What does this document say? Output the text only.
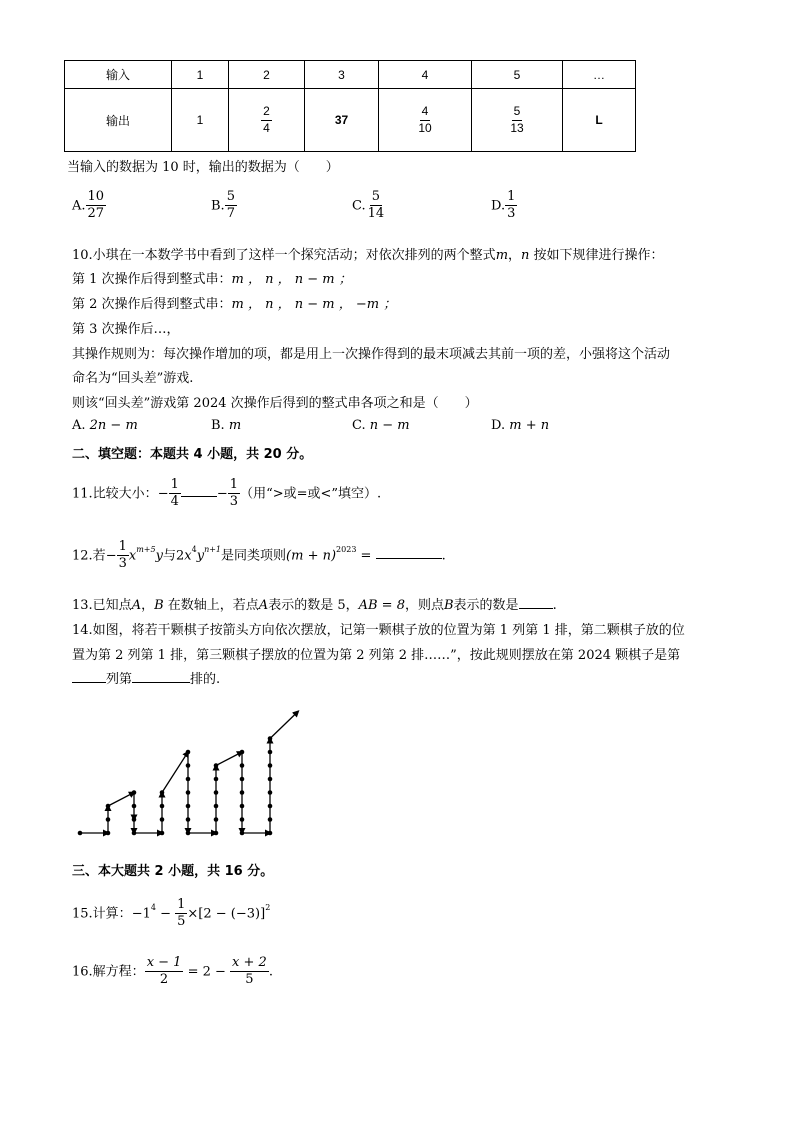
输入	1	2	3	4	5	…
输出	1	$\frac{2}{4}$	37	$\frac{4}{10}$	$\frac{5}{13}$	L
当输入的数据为 10 时，输出的数据为（　　）
A. $\frac{10}{27}$	B. $\frac{5}{7}$	C. $\frac{5}{14}$	D. $\frac{1}{3}$
10.小琪在一本数学书中看到了这样一个探究活动；对依次排列的两个整式m，n 按如下规律进行操作：
第 1 次操作后得到整式串：m ， n ， n − m ；
第 2 次操作后得到整式串：m ， n ， n − m ， −m ；
第 3 次操作后…，
其操作规则为：每次操作增加的项，都是用上一次操作得到的最末项减去其前一项的差，小强将这个活动
命名为“回头差”游戏.
则该“回头差”游戏第 2024 次操作后得到的整式串各项之和是（　　）
A. 2n − m	B. m	C. n − m	D. m + n
二、填空题：本题共 4 小题，共 20 分。
11.比较大小：− $\frac{1}{4}$	− $\frac{1}{3}$ （用“>或=或<”填空）.
12.若− $\frac{1}{3} x^{m+5}y$与$2x^4y^{n+1}$是同类项则$(m + n)^{2023}$ =	.
13.已知点A，B 在数轴上，若点A表示的数是 5，AB = 8，则点B表示的数是	.
14.如图，将若干颗棋子按箭头方向依次摆放，记第一颗棋子放的位置为第 1 列第 1 排，第二颗棋子放的位
置为第 2 列第 1 排，第三颗棋子摆放的位置为第 2 列第 2 排……”，按此规则摆放在第 2024 颗棋子是第
列第	排的.
三、本大题共 2 小题，共 16 分。
15.计算：$-1^4 - \frac{1}{5} \times[2 - (-3)]^2$
16.解方程： $\frac{x - 1}{2} = 2 - \frac{x + 2}{5}$ .
